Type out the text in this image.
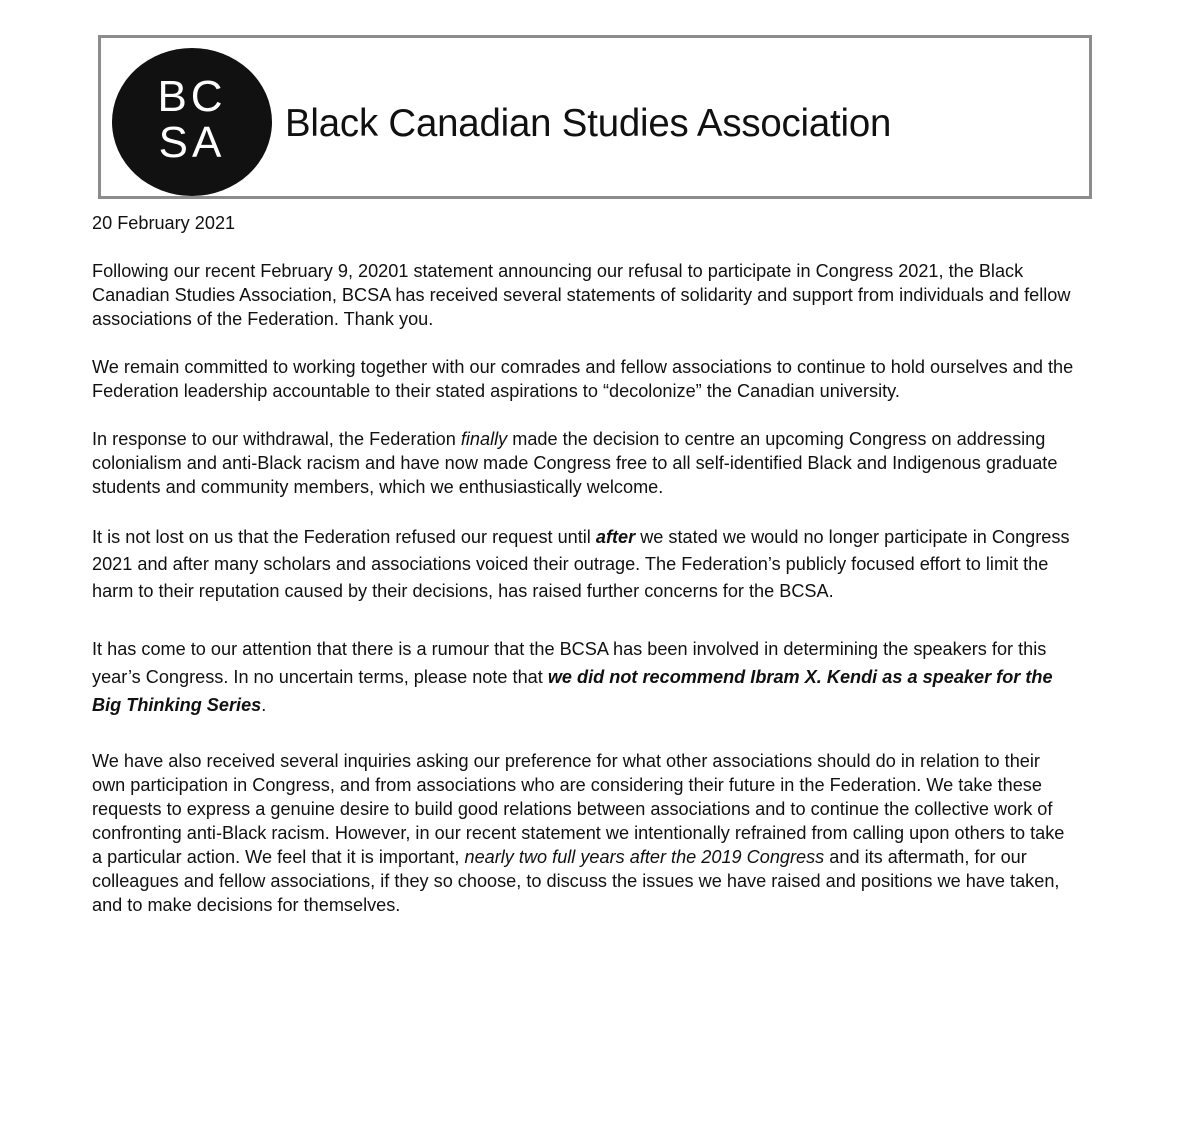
BC
SA	Black Canadian Studies Association

20 February 2021

Following our recent February 9, 20201 statement announcing our refusal to participate in Congress 2021, the Black Canadian Studies Association, BCSA has received several statements of solidarity and support from individuals and fellow associations of the Federation. Thank you.

We remain committed to working together with our comrades and fellow associations to continue to hold ourselves and the Federation leadership accountable to their stated aspirations to “decolonize” the Canadian university.

In response to our withdrawal, the Federation finally made the decision to centre an upcoming Congress on addressing colonialism and anti-Black racism and have now made Congress free to all self-identified Black and Indigenous graduate students and community members, which we enthusiastically welcome.

It is not lost on us that the Federation refused our request until after we stated we would no longer participate in Congress 2021 and after many scholars and associations voiced their outrage. The Federation’s publicly focused effort to limit the harm to their reputation caused by their decisions, has raised further concerns for the BCSA.

It has come to our attention that there is a rumour that the BCSA has been involved in determining the speakers for this year’s Congress. In no uncertain terms, please note that we did not recommend Ibram X. Kendi as a speaker for the Big Thinking Series.

We have also received several inquiries asking our preference for what other associations should do in relation to their own participation in Congress, and from associations who are considering their future in the Federation. We take these requests to express a genuine desire to build good relations between associations and to continue the collective work of confronting anti-Black racism. However, in our recent statement we intentionally refrained from calling upon others to take a particular action. We feel that it is important, nearly two full years after the 2019 Congress and its aftermath, for our colleagues and fellow associations, if they so choose, to discuss the issues we have raised and positions we have taken, and to make decisions for themselves.
